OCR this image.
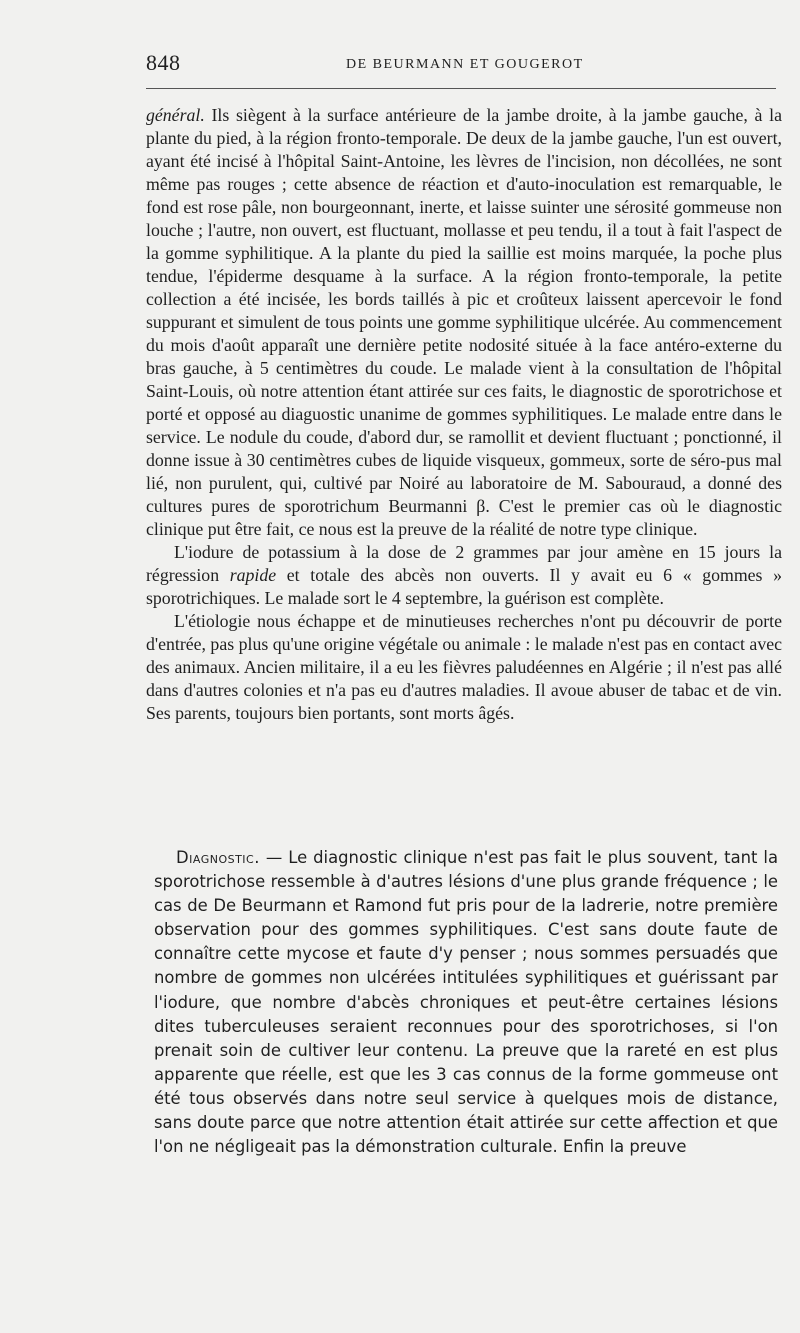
848	DE BEURMANN ET GOUGEROT

général. Ils siègent à la surface antérieure de la jambe droite, à la jambe gauche, à la plante du pied, à la région fronto-temporale. De deux de la jambe gauche, l'un est ouvert, ayant été incisé à l'hôpital Saint-Antoine, les lèvres de l'incision, non décollées, ne sont même pas rouges ; cette absence de réaction et d'auto-inoculation est remarquable, le fond est rose pâle, non bourgeonnant, inerte, et laisse suinter une sérosité gommeuse non louche ; l'autre, non ouvert, est fluctuant, mollasse et peu tendu, il a tout à fait l'aspect de la gomme syphilitique. A la plante du pied la saillie est moins marquée, la poche plus tendue, l'épiderme desquame à la surface. A la région fronto-temporale, la petite collection a été incisée, les bords taillés à pic et croûteux laissent apercevoir le fond suppurant et simulent de tous points une gomme syphilitique ulcérée. Au commencement du mois d'août apparaît une dernière petite nodosité située à la face antéro-externe du bras gauche, à 5 centimètres du coude. Le malade vient à la consultation de l'hôpital Saint-Louis, où notre attention étant attirée sur ces faits, le diagnostic de sporotrichose et porté et opposé au diaguostic unanime de gommes syphilitiques. Le malade entre dans le service. Le nodule du coude, d'abord dur, se ramollit et devient fluctuant ; ponctionné, il donne issue à 30 centimètres cubes de liquide visqueux, gommeux, sorte de séro-pus mal lié, non purulent, qui, cultivé par Noiré au laboratoire de M. Sabouraud, a donné des cultures pures de sporotrichum Beurmanni β. C'est le premier cas où le diagnostic clinique put être fait, ce nous est la preuve de la réalité de notre type clinique.

L'iodure de potassium à la dose de 2 grammes par jour amène en 15 jours la régression rapide et totale des abcès non ouverts. Il y avait eu 6 « gommes » sporotrichiques. Le malade sort le 4 septembre, la guérison est complète.

L'étiologie nous échappe et de minutieuses recherches n'ont pu découvrir de porte d'entrée, pas plus qu'une origine végétale ou animale : le malade n'est pas en contact avec des animaux. Ancien militaire, il a eu les fièvres paludéennes en Algérie ; il n'est pas allé dans d'autres colonies et n'a pas eu d'autres maladies. Il avoue abuser de tabac et de vin. Ses parents, toujours bien portants, sont morts âgés.

Diagnostic. — Le diagnostic clinique n'est pas fait le plus souvent, tant la sporotrichose ressemble à d'autres lésions d'une plus grande fréquence ; le cas de De Beurmann et Ramond fut pris pour de la ladrerie, notre première observation pour des gommes syphilitiques. C'est sans doute faute de connaître cette mycose et faute d'y penser ; nous sommes persuadés que nombre de gommes non ulcérées intitulées syphilitiques et guérissant par l'iodure, que nombre d'abcès chroniques et peut-être certaines lésions dites tuberculeuses seraient reconnues pour des sporotrichoses, si l'on prenait soin de cultiver leur contenu. La preuve que la rareté en est plus apparente que réelle, est que les 3 cas connus de la forme gommeuse ont été tous observés dans notre seul service à quelques mois de distance, sans doute parce que notre attention était attirée sur cette affection et que l'on ne négligeait pas la démonstration culturale. Enfin la preuve
